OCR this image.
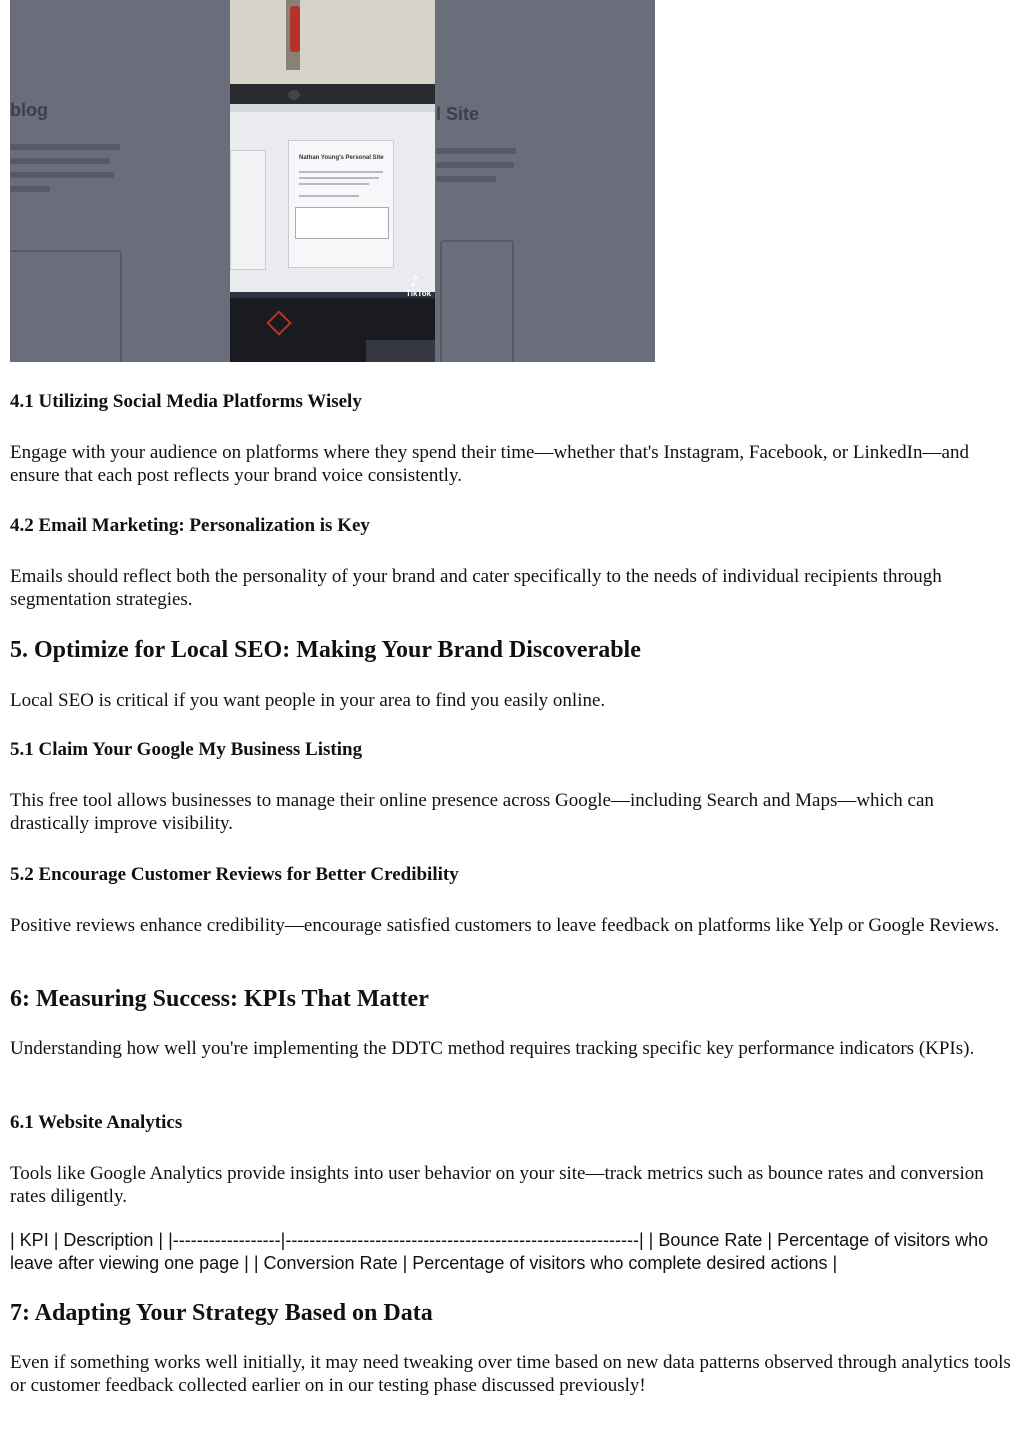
blog	l Site
Nathan Young's Personal Site
♪
TikTok
4.1 Utilizing Social Media Platforms Wisely

Engage with your audience on platforms where they spend their time—whether that's Instagram, Facebook, or LinkedIn—and ensure that each post reflects your brand voice consistently.

4.2 Email Marketing: Personalization is Key

Emails should reflect both the personality of your brand and cater specifically to the needs of individual recipients through segmentation strategies.

5. Optimize for Local SEO: Making Your Brand Discoverable

Local SEO is critical if you want people in your area to find you easily online.

5.1 Claim Your Google My Business Listing

This free tool allows businesses to manage their online presence across Google—including Search and Maps—which can drastically improve visibility.

5.2 Encourage Customer Reviews for Better Credibility

Positive reviews enhance credibility—encourage satisfied customers to leave feedback on platforms like Yelp or Google Reviews.

6: Measuring Success: KPIs That Matter

Understanding how well you're implementing the DDTC method requires tracking specific key performance indicators (KPIs).

6.1 Website Analytics

Tools like Google Analytics provide insights into user behavior on your site—track metrics such as bounce rates and conversion rates diligently.

| KPI | Description | |------------------|-----------------------------------------------------------| | Bounce Rate | Percentage of visitors who leave after viewing one page | | Conversion Rate | Percentage of visitors who complete desired actions |

7: Adapting Your Strategy Based on Data

Even if something works well initially, it may need tweaking over time based on new data patterns observed through analytics tools or customer feedback collected earlier on in our testing phase discussed previously!
